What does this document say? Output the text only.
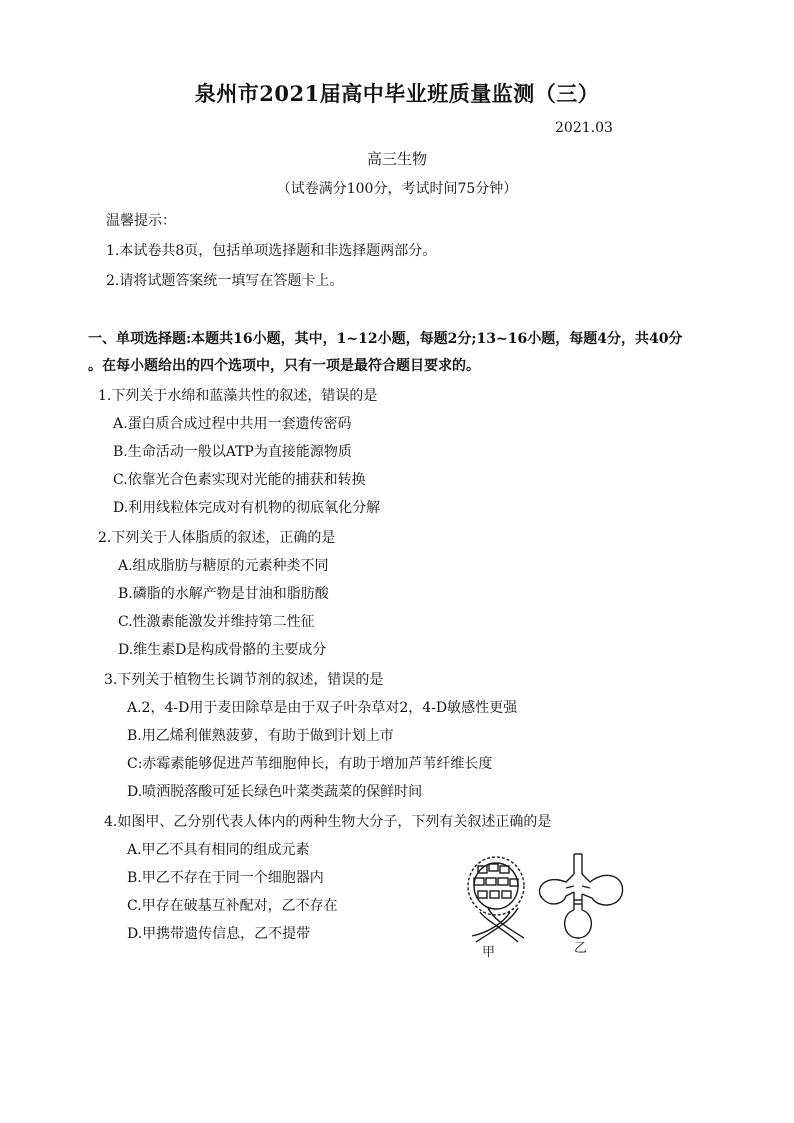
泉州市2021届高中毕业班质量监测（三）
2021.03
高三生物
（试卷满分100分，考试时间75分钟）
温馨提示：
1.本试卷共8页，包括单项选择题和非选择题两部分。
2.请将试题答案统一填写在答题卡上。
一、单项选择题:本题共16小题，其中，1~12小题，每题2分;13~16小题，每题4分，共40分
。在每小题给出的四个选项中，只有一项是最符合题目要求的。
1.下列关于水绵和蓝藻共性的叙述，错误的是
A.蛋白质合成过程中共用一套遗传密码
B.生命活动一般以ATP为直接能源物质
C.依靠光合色素实现对光能的捕获和转换
D.利用线粒体完成对有机物的彻底氧化分解
2.下列关于人体脂质的叙述，正确的是
A.组成脂肪与糖原的元素种类不同
B.磷脂的水解产物是甘油和脂肪酸
C.性激素能激发并维持第二性征
D.维生素D是构成骨骼的主要成分
3.下列关于植物生长调节剂的叙述，错误的是
A.2，4-D用于麦田除草是由于双子叶杂草对2，4-D敏感性更强
B.用乙烯利催熟菠萝，有助于做到计划上市
C:赤霉素能够促进芦苇细胞伸长，有助于增加芦苇纤维长度
D.喷洒脱落酸可延长绿色叶菜类蔬菜的保鲜时间
4.如图甲、乙分别代表人体内的两种生物大分子，下列有关叙述正确的是
A.甲乙不具有相同的组成元素
B.甲乙不存在于同一个细胞器内
C.甲存在破基互补配对，乙不存在
D.甲携带遗传信息，乙不提带
甲	乙
